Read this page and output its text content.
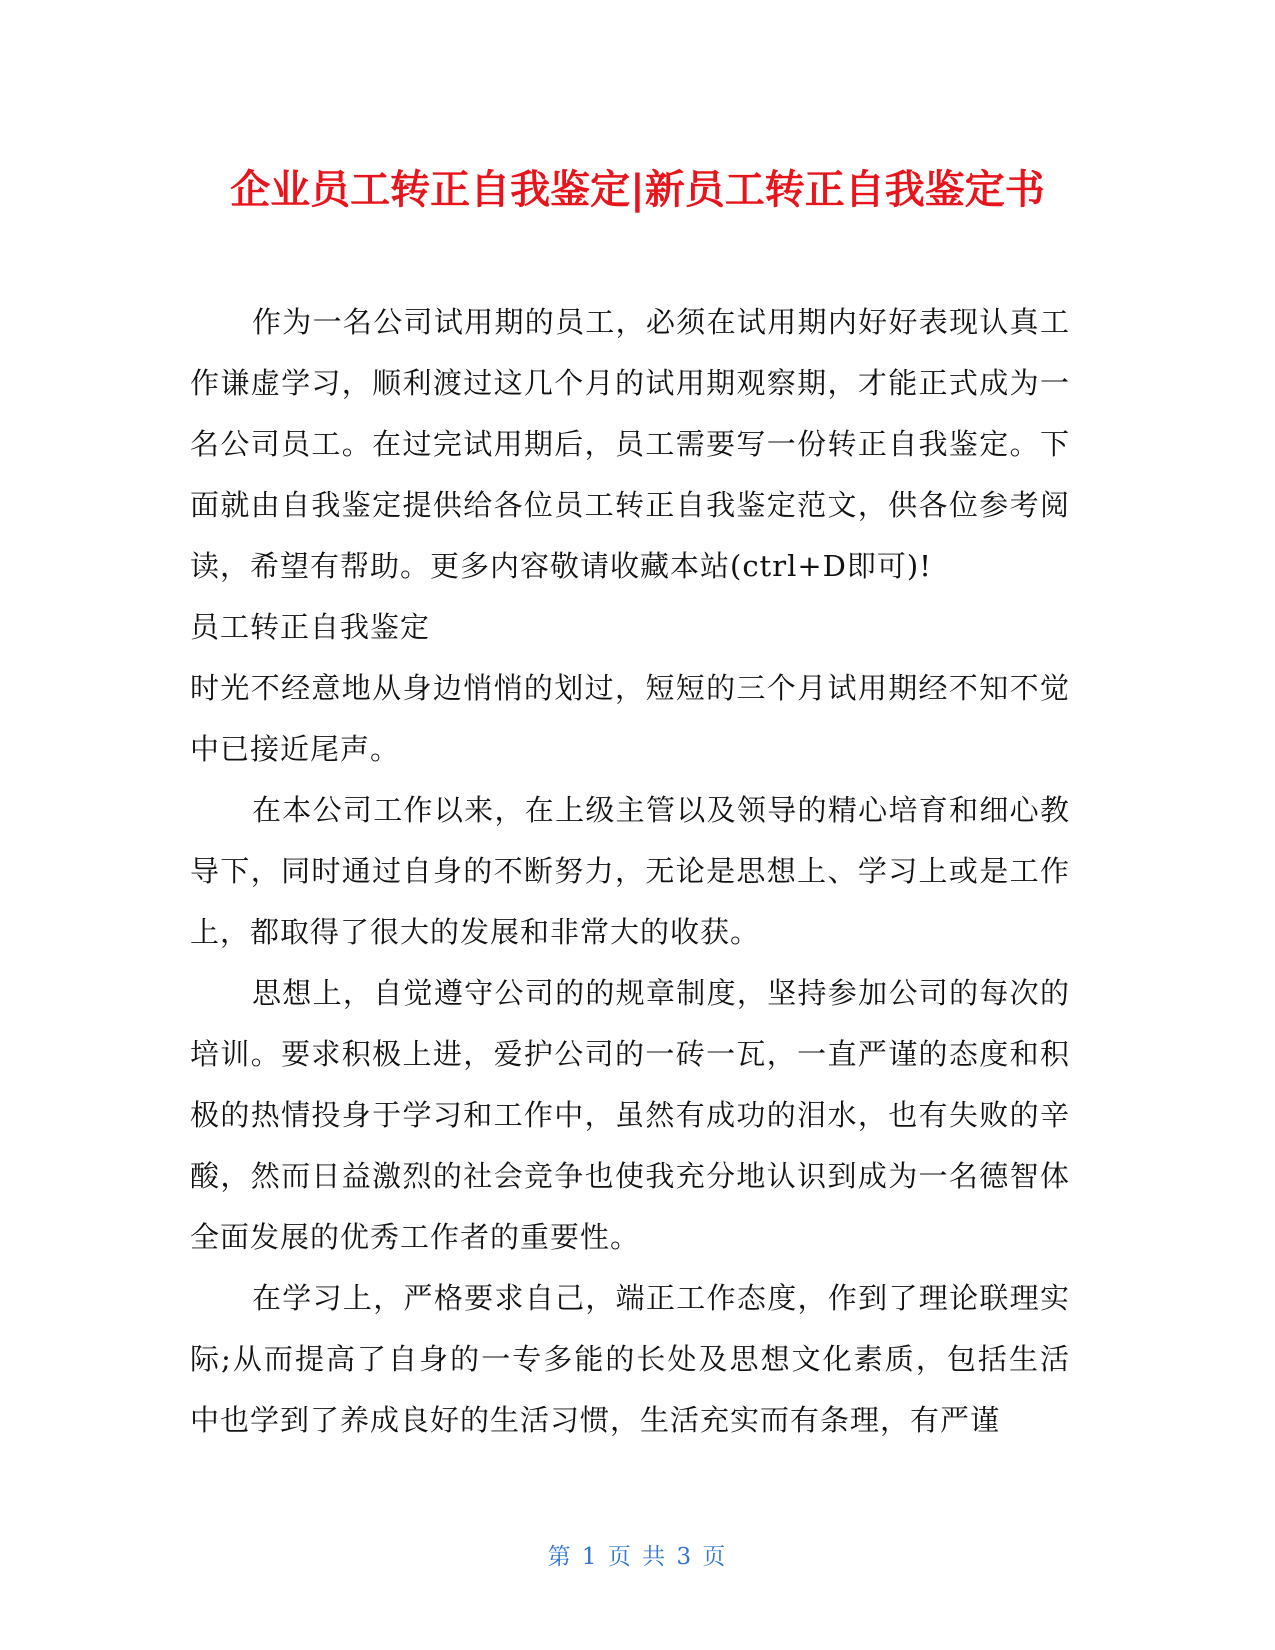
企业员工转正自我鉴定|新员工转正自我鉴定书

作为一名公司试用期的员工，必须在试用期内好好表现认真工作谦虚学习，顺利渡过这几个月的试用期观察期，才能正式成为一名公司员工。在过完试用期后，员工需要写一份转正自我鉴定。下面就由自我鉴定提供给各位员工转正自我鉴定范文，供各位参考阅读，希望有帮助。更多内容敬请收藏本站(ctrl+D即可)!

员工转正自我鉴定

时光不经意地从身边悄悄的划过，短短的三个月试用期经不知不觉中已接近尾声。

在本公司工作以来，在上级主管以及领导的精心培育和细心教导下，同时通过自身的不断努力，无论是思想上、学习上或是工作上，都取得了很大的发展和非常大的收获。

思想上，自觉遵守公司的的规章制度，坚持参加公司的每次的培训。要求积极上进，爱护公司的一砖一瓦，一直严谨的态度和积极的热情投身于学习和工作中，虽然有成功的泪水，也有失败的辛酸，然而日益激烈的社会竞争也使我充分地认识到成为一名德智体全面发展的优秀工作者的重要性。

在学习上，严格要求自己，端正工作态度，作到了理论联理实际;从而提高了自身的一专多能的长处及思想文化素质，包括生活中也学到了养成良好的生活习惯，生活充实而有条理，有严谨

第 1 页 共 3 页
